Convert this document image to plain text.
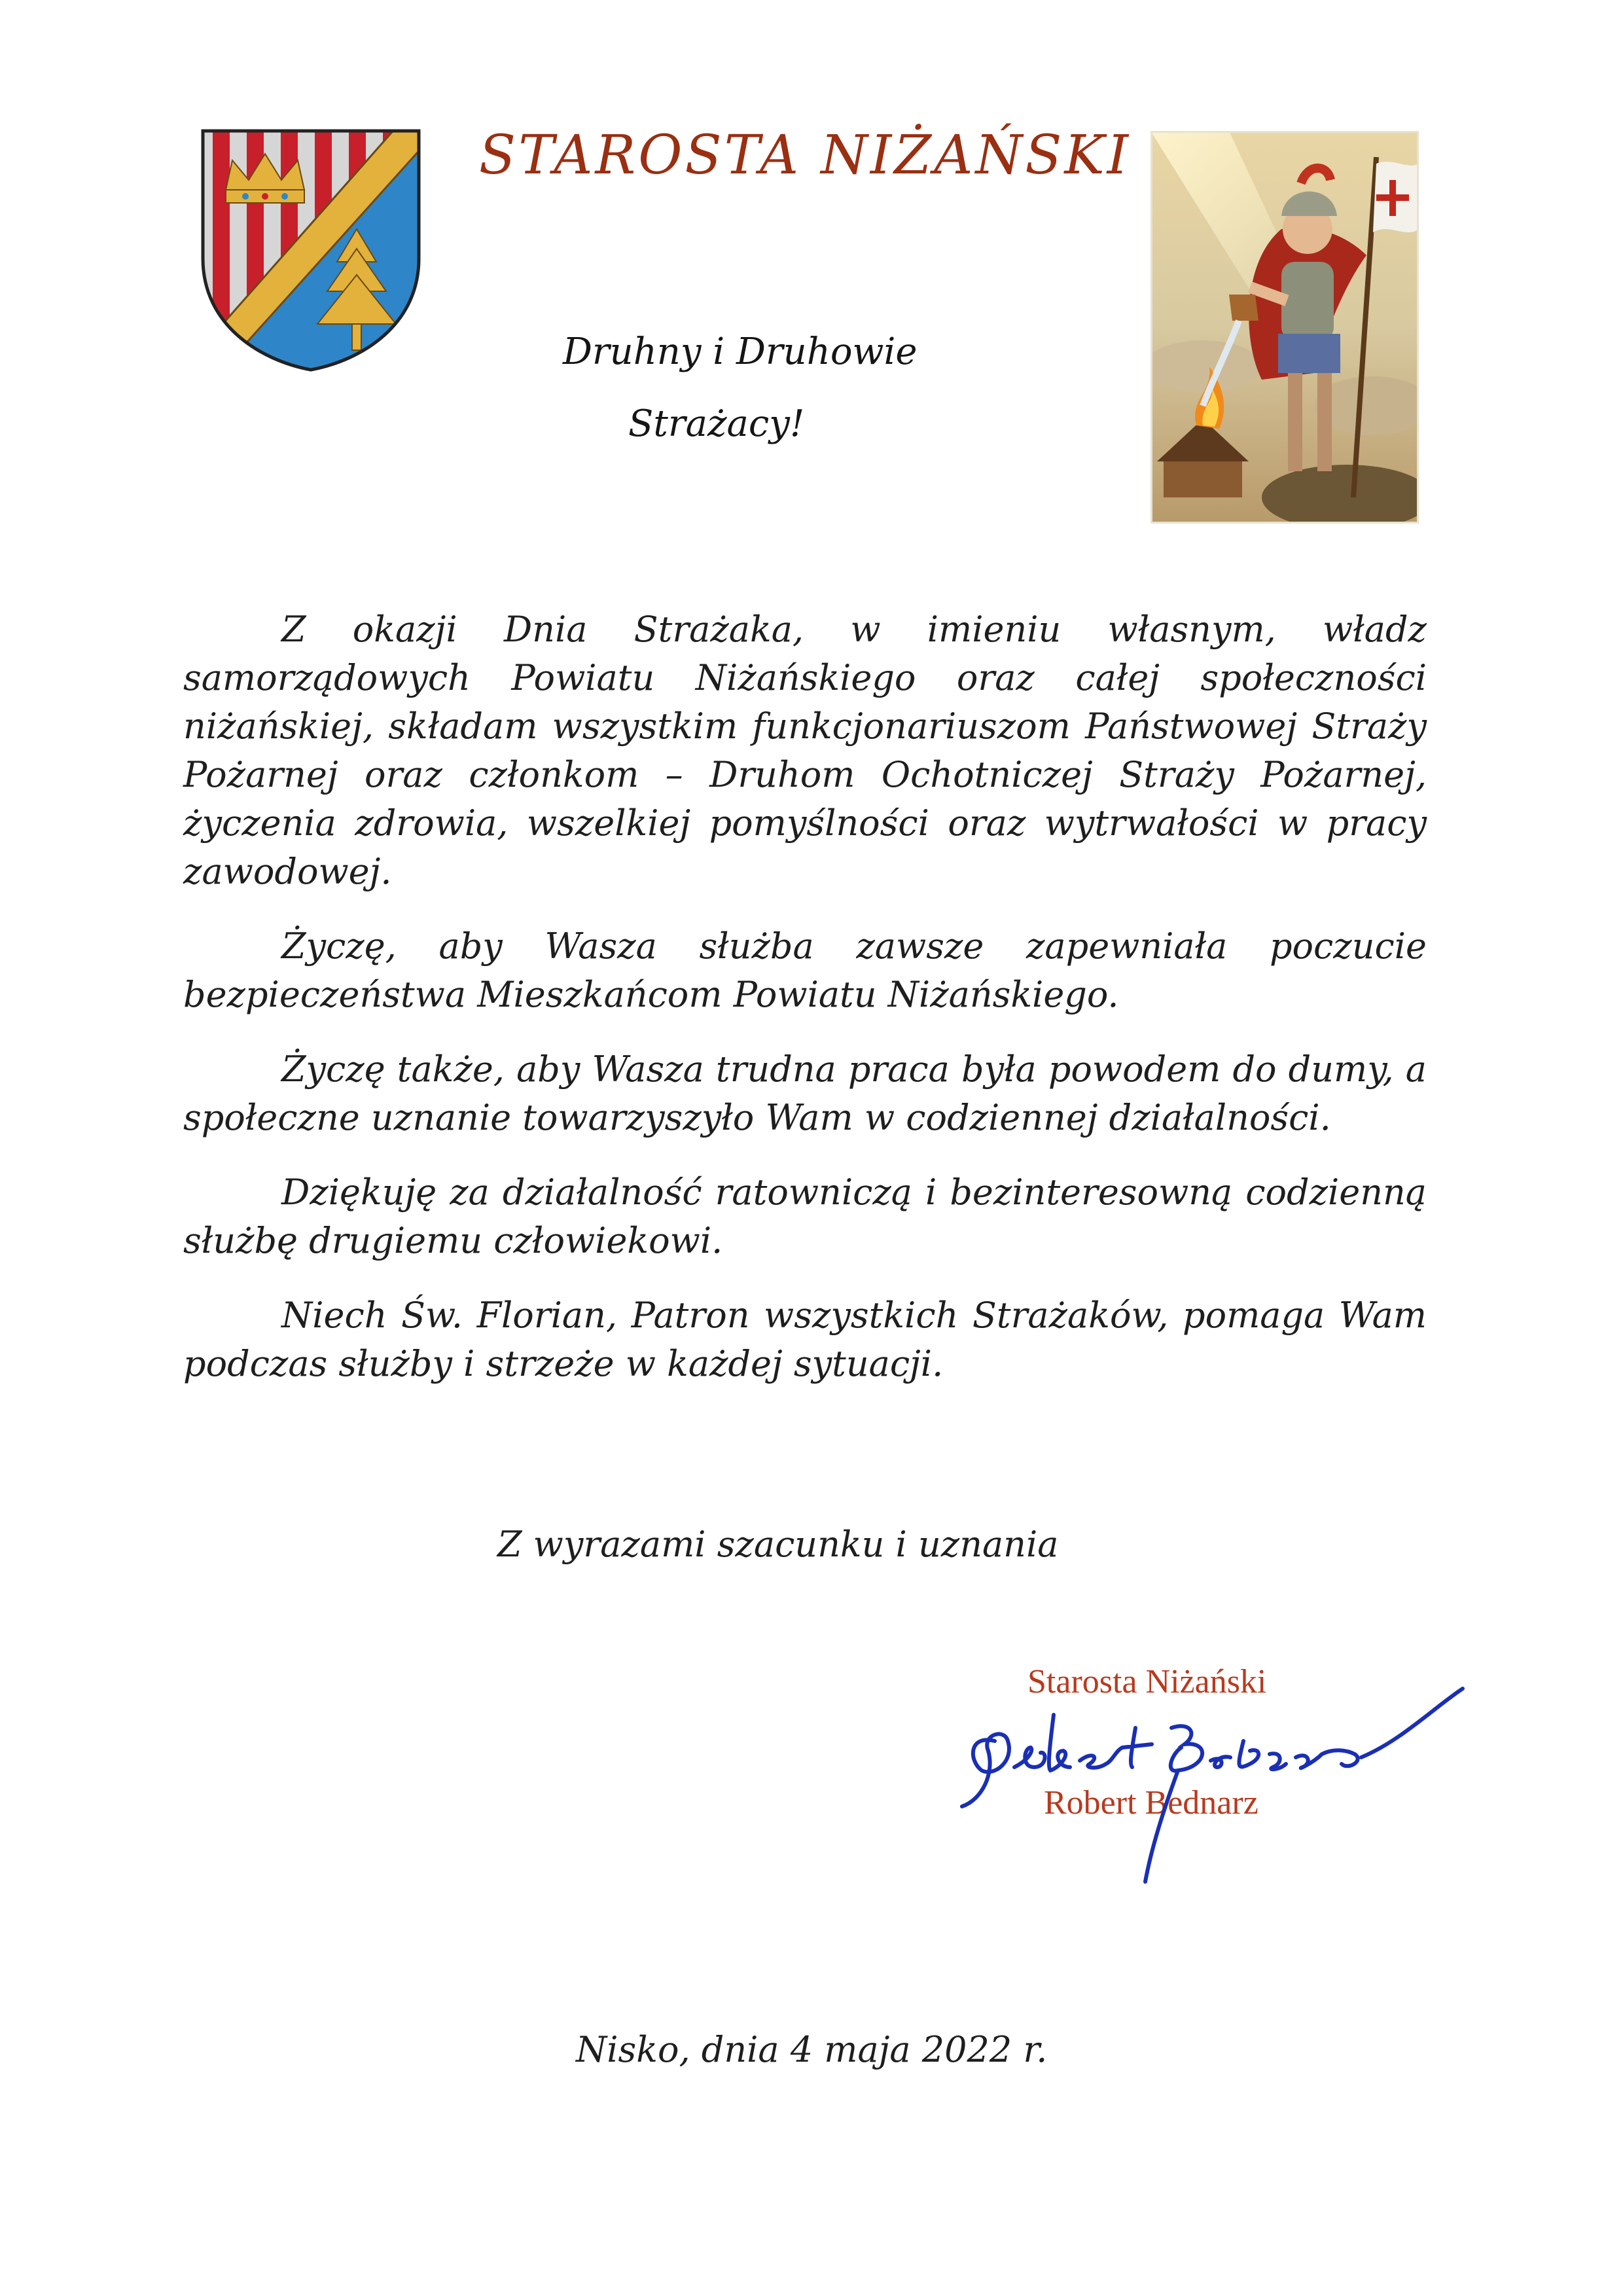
STAROSTA NIŻAŃSKI
Druhny i Druhowie
Strażacy!

Z okazji Dnia Strażaka, w imieniu własnym, władz samorządowych Powiatu Niżańskiego oraz całej społeczności niżańskiej, składam wszystkim funkcjonariuszom Państwowej Straży Pożarnej oraz członkom – Druhom Ochotniczej Straży Pożarnej, życzenia zdrowia, wszelkiej pomyślności oraz wytrwałości w pracy zawodowej.

Życzę, aby Wasza służba zawsze zapewniała poczucie bezpieczeństwa Mieszkańcom Powiatu Niżańskiego.

Życzę także, aby Wasza trudna praca była powodem do dumy, a społeczne uznanie towarzyszyło Wam w codziennej działalności.

Dziękuję za działalność ratowniczą i bezinteresowną codzienną służbę drugiemu człowiekowi.

Niech Św. Florian, Patron wszystkich Strażaków, pomaga Wam podczas służby i strzeże w każdej sytuacji.

Z wyrazami szacunku i uznania
Starosta Niżański
Robert Bednarz
Nisko, dnia 4 maja 2022 r.
